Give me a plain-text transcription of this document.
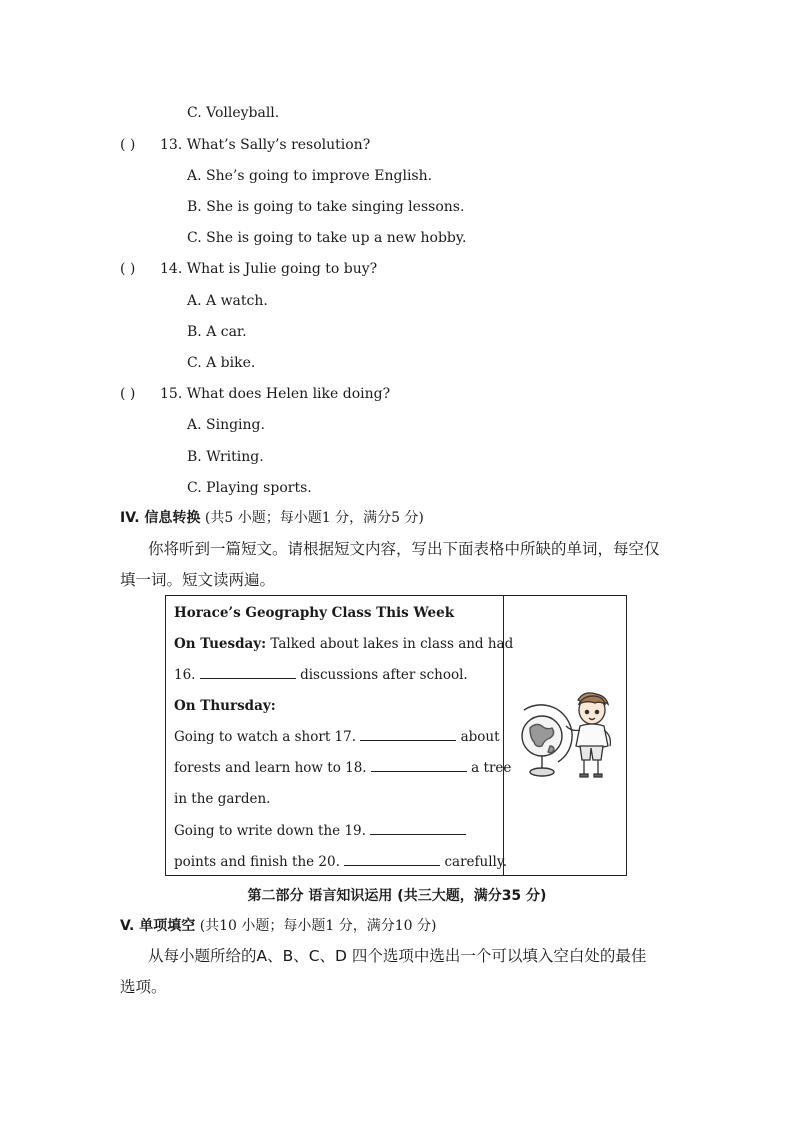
C. Volleyball.
( ) 13. What’s Sally’s resolution?
A. She’s going to improve English.
B. She is going to take singing lessons.
C. She is going to take up a new hobby.
( ) 14. What is Julie going to buy?
A. A watch.
B. A car.
C. A bike.
( ) 15. What does Helen like doing?
A. Singing.
B. Writing.
C. Playing sports.
IV. 信息转换 (共5 小题；每小题1 分，满分5 分)
你将听到一篇短文。请根据短文内容，写出下面表格中所缺的单词，每空仅
填一词。短文读两遍。
Horace’s Geography Class This Week
On Tuesday: Talked about lakes in class and had
16.	discussions after school.
On Thursday:
Going to watch a short 17.	about
forests and learn how to 18.	a tree
in the garden.
Going to write down the 19.
points and finish the 20.	carefully.
第二部分 语言知识运用 (共三大题，满分35 分)
V. 单项填空 (共10 小题；每小题1 分，满分10 分)
从每小题所给的A、B、C、D 四个选项中选出一个可以填入空白处的最佳
选项。
